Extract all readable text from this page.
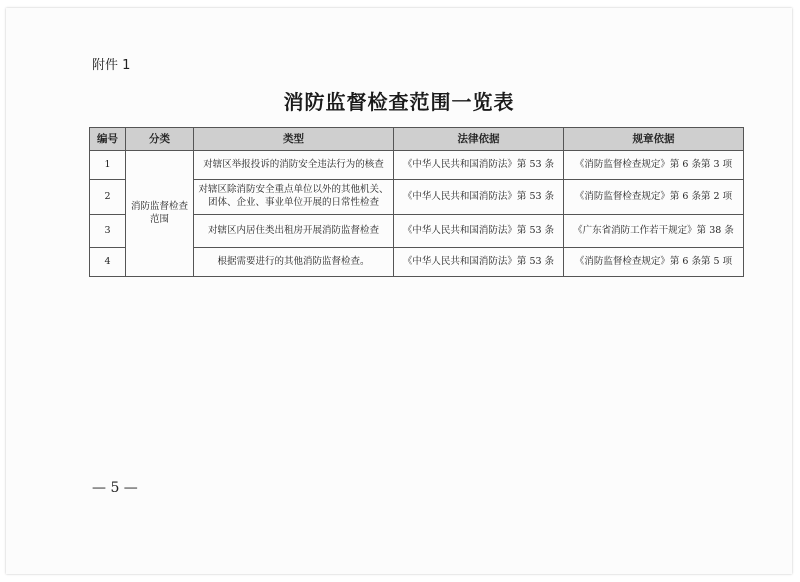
附件 1
消防监督检查范围一览表
编号	分类	类型	法律依据	规章依据
1	消防监督检查范围	对辖区举报投诉的消防安全违法行为的核查	《中华人民共和国消防法》第 53 条	《消防监督检查规定》第 6 条第 3 项
2		对辖区除消防安全重点单位以外的其他机关、团体、企业、事业单位开展的日常性检查	《中华人民共和国消防法》第 53 条	《消防监督检查规定》第 6 条第 2 项
3		对辖区内居住类出租房开展消防监督检查	《中华人民共和国消防法》第 53 条	《广东省消防工作若干规定》第 38 条
4		根据需要进行的其他消防监督检查。	《中华人民共和国消防法》第 53 条	《消防监督检查规定》第 6 条第 5 项
— 5 —
